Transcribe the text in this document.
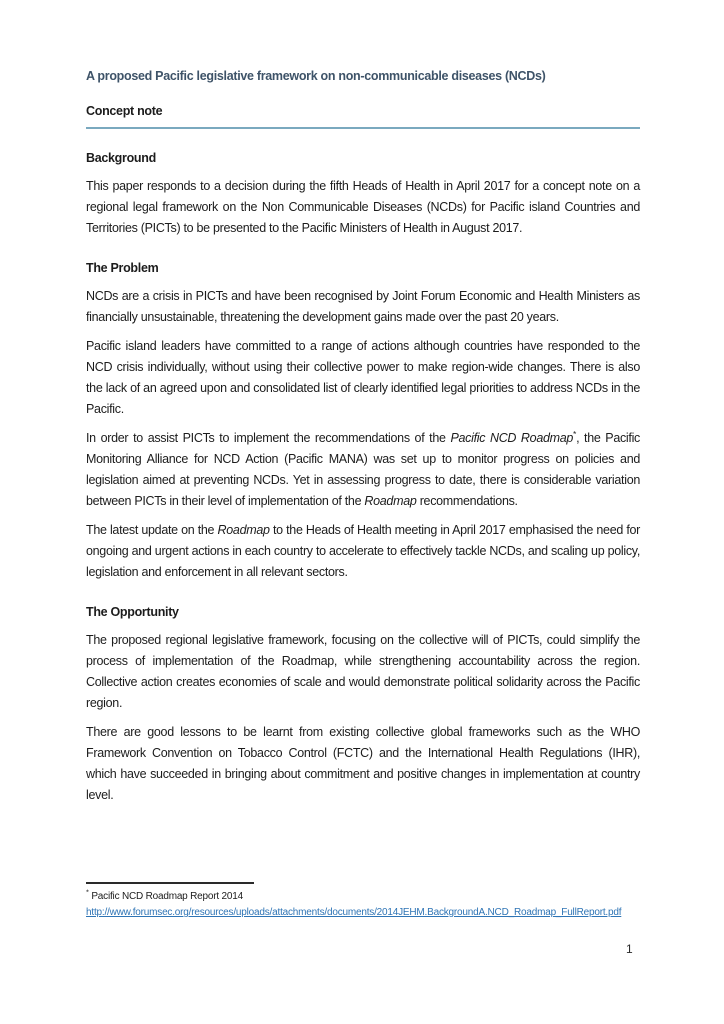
A proposed Pacific legislative framework on non-communicable diseases (NCDs)
Concept note
Background

This paper responds to a decision during the fifth Heads of Health in April 2017 for a concept note on a regional legal framework on the Non Communicable Diseases (NCDs) for Pacific island Countries and Territories (PICTs) to be presented to the Pacific Ministers of Health in August 2017.

The Problem

NCDs are a crisis in PICTs and have been recognised by Joint Forum Economic and Health Ministers as financially unsustainable, threatening the development gains made over the past 20 years.

Pacific island leaders have committed to a range of actions although countries have responded to the NCD crisis individually, without using their collective power to make region-wide changes. There is also the lack of an agreed upon and consolidated list of clearly identified legal priorities to address NCDs in the Pacific.

In order to assist PICTs to implement the recommendations of the Pacific NCD Roadmap*, the Pacific Monitoring Alliance for NCD Action (Pacific MANA) was set up to monitor progress on policies and legislation aimed at preventing NCDs. Yet in assessing progress to date, there is considerable variation between PICTs in their level of implementation of the Roadmap recommendations.

The latest update on the Roadmap to the Heads of Health meeting in April 2017 emphasised the need for ongoing and urgent actions in each country to accelerate to effectively tackle NCDs, and scaling up policy, legislation and enforcement in all relevant sectors.

The Opportunity

The proposed regional legislative framework, focusing on the collective will of PICTs, could simplify the process of implementation of the Roadmap, while strengthening accountability across the region. Collective action creates economies of scale and would demonstrate political solidarity across the Pacific region.

There are good lessons to be learnt from existing collective global frameworks such as the WHO Framework Convention on Tobacco Control (FCTC) and the International Health Regulations (IHR), which have succeeded in bringing about commitment and positive changes in implementation at country level.

* Pacific NCD Roadmap Report 2014
http://www.forumsec.org/resources/uploads/attachments/documents/2014JEHM.BackgroundA.NCD_Roadmap_FullReport.pdf
1
